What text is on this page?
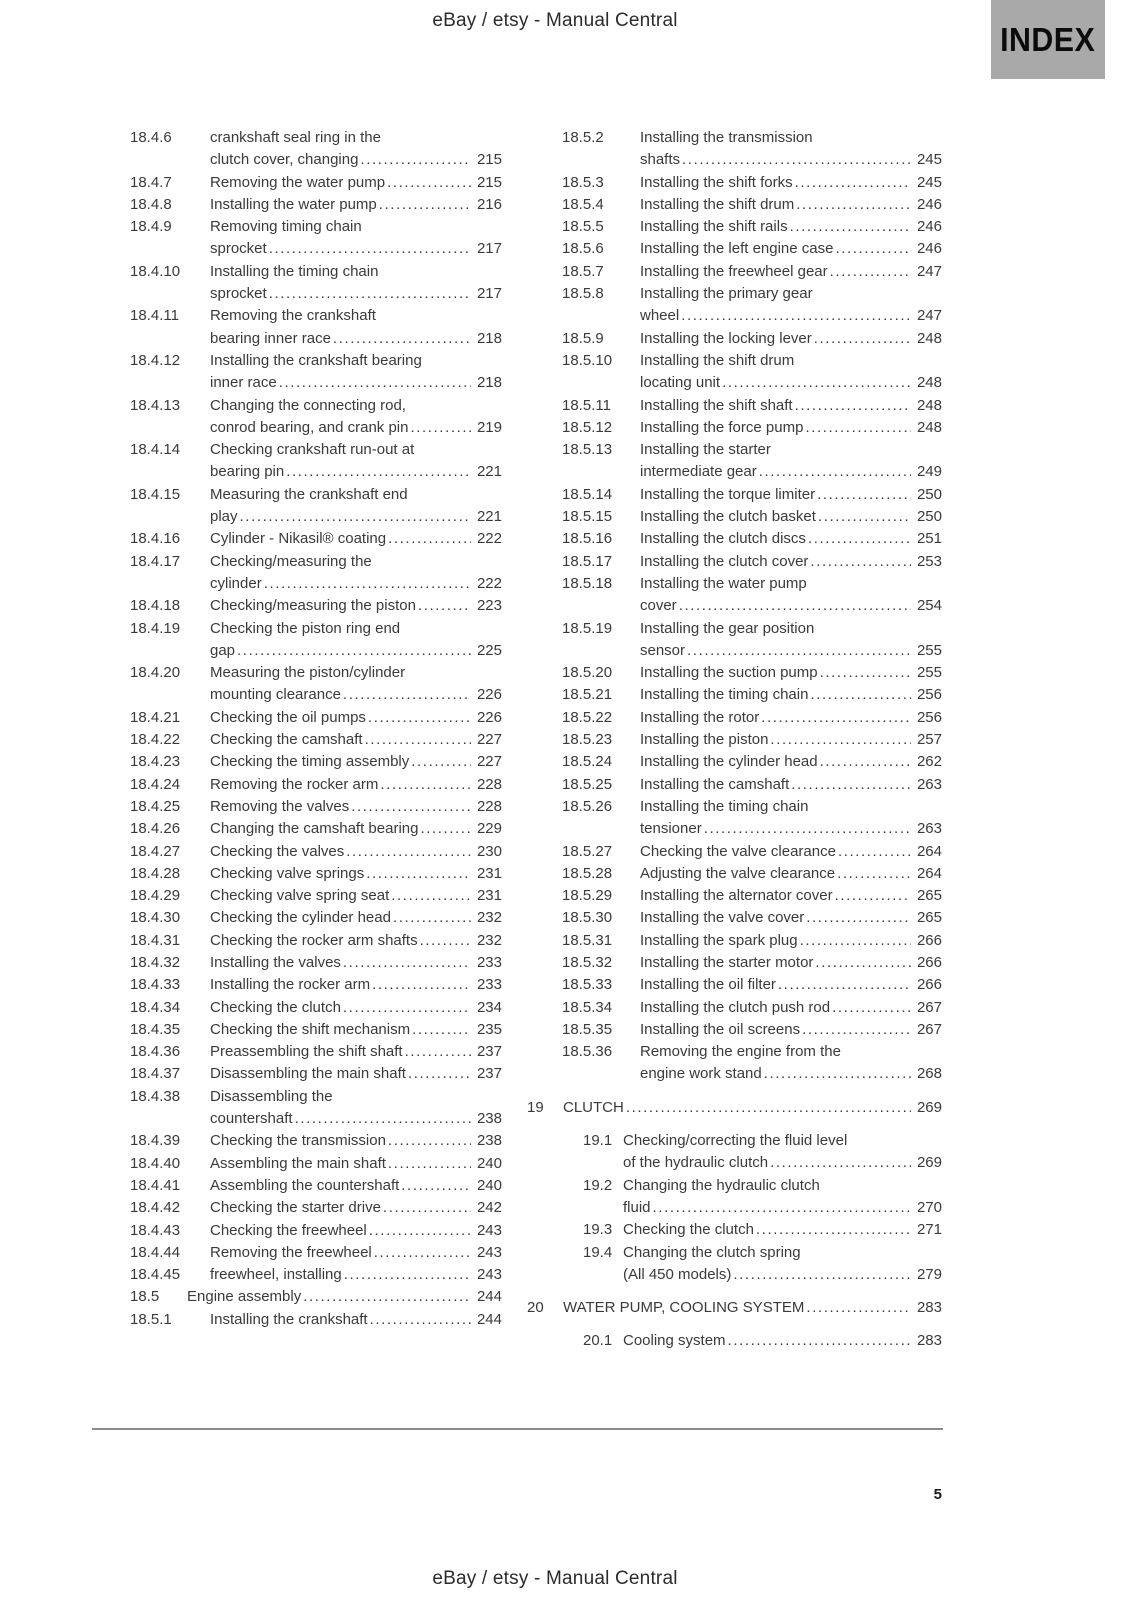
eBay / etsy - Manual Central	INDEX
18.4.6	crankshaft seal ring in the
clutch cover, changing .....	215
18.4.7	Removing the water pump .....	215
18.4.8	Installing the water pump .....	216
18.4.9	Removing timing chain
sprocket .....	217
18.4.10	Installing the timing chain
sprocket .....	217
18.4.11	Removing the crankshaft
bearing inner race .....	218
18.4.12	Installing the crankshaft bearing
inner race .....	218
18.4.13	Changing the connecting rod,
conrod bearing, and crank pin .....	219
18.4.14	Checking crankshaft run-out at
bearing pin .....	221
18.4.15	Measuring the crankshaft end
play .....	221
18.4.16	Cylinder - Nikasil® coating .....	222
18.4.17	Checking/measuring the
cylinder .....	222
18.4.18	Checking/measuring the piston .....	223
18.4.19	Checking the piston ring end
gap .....	225
18.4.20	Measuring the piston/cylinder
mounting clearance .....	226
18.4.21	Checking the oil pumps .....	226
18.4.22	Checking the camshaft .....	227
18.4.23	Checking the timing assembly .....	227
18.4.24	Removing the rocker arm .....	228
18.4.25	Removing the valves .....	228
18.4.26	Changing the camshaft bearing .....	229
18.4.27	Checking the valves .....	230
18.4.28	Checking valve springs .....	231
18.4.29	Checking valve spring seat .....	231
18.4.30	Checking the cylinder head .....	232
18.4.31	Checking the rocker arm shafts .....	232
18.4.32	Installing the valves .....	233
18.4.33	Installing the rocker arm .....	233
18.4.34	Checking the clutch .....	234
18.4.35	Checking the shift mechanism .....	235
18.4.36	Preassembling the shift shaft .....	237
18.4.37	Disassembling the main shaft .....	237
18.4.38	Disassembling the
countershaft .....	238
18.4.39	Checking the transmission .....	238
18.4.40	Assembling the main shaft .....	240
18.4.41	Assembling the countershaft .....	240
18.4.42	Checking the starter drive .....	242
18.4.43	Checking the freewheel .....	243
18.4.44	Removing the freewheel .....	243
18.4.45	freewheel, installing .....	243
18.5	Engine assembly .....	244
18.5.1	Installing the crankshaft .....	244
18.5.2	Installing the transmission
shafts .....	245
18.5.3	Installing the shift forks .....	245
18.5.4	Installing the shift drum .....	246
18.5.5	Installing the shift rails .....	246
18.5.6	Installing the left engine case .....	246
18.5.7	Installing the freewheel gear .....	247
18.5.8	Installing the primary gear
wheel .....	247
18.5.9	Installing the locking lever .....	248
18.5.10	Installing the shift drum
locating unit .....	248
18.5.11	Installing the shift shaft .....	248
18.5.12	Installing the force pump .....	248
18.5.13	Installing the starter
intermediate gear .....	249
18.5.14	Installing the torque limiter .....	250
18.5.15	Installing the clutch basket .....	250
18.5.16	Installing the clutch discs .....	251
18.5.17	Installing the clutch cover .....	253
18.5.18	Installing the water pump
cover .....	254
18.5.19	Installing the gear position
sensor .....	255
18.5.20	Installing the suction pump .....	255
18.5.21	Installing the timing chain .....	256
18.5.22	Installing the rotor .....	256
18.5.23	Installing the piston .....	257
18.5.24	Installing the cylinder head .....	262
18.5.25	Installing the camshaft .....	263
18.5.26	Installing the timing chain
tensioner .....	263
18.5.27	Checking the valve clearance .....	264
18.5.28	Adjusting the valve clearance .....	264
18.5.29	Installing the alternator cover .....	265
18.5.30	Installing the valve cover .....	265
18.5.31	Installing the spark plug .....	266
18.5.32	Installing the starter motor .....	266
18.5.33	Installing the oil filter .....	266
18.5.34	Installing the clutch push rod .....	267
18.5.35	Installing the oil screens .....	267
18.5.36	Removing the engine from the
engine work stand .....	268
19	CLUTCH .....	269
19.1 Checking/correcting the fluid level
of the hydraulic clutch .....	269
19.2 Changing the hydraulic clutch
fluid .....	270
19.3 Checking the clutch .....	271
19.4 Changing the clutch spring
(All 450 models) .....	279
20	WATER PUMP, COOLING SYSTEM .....	283
20.1 Cooling system .....	283
5
eBay / etsy - Manual Central
